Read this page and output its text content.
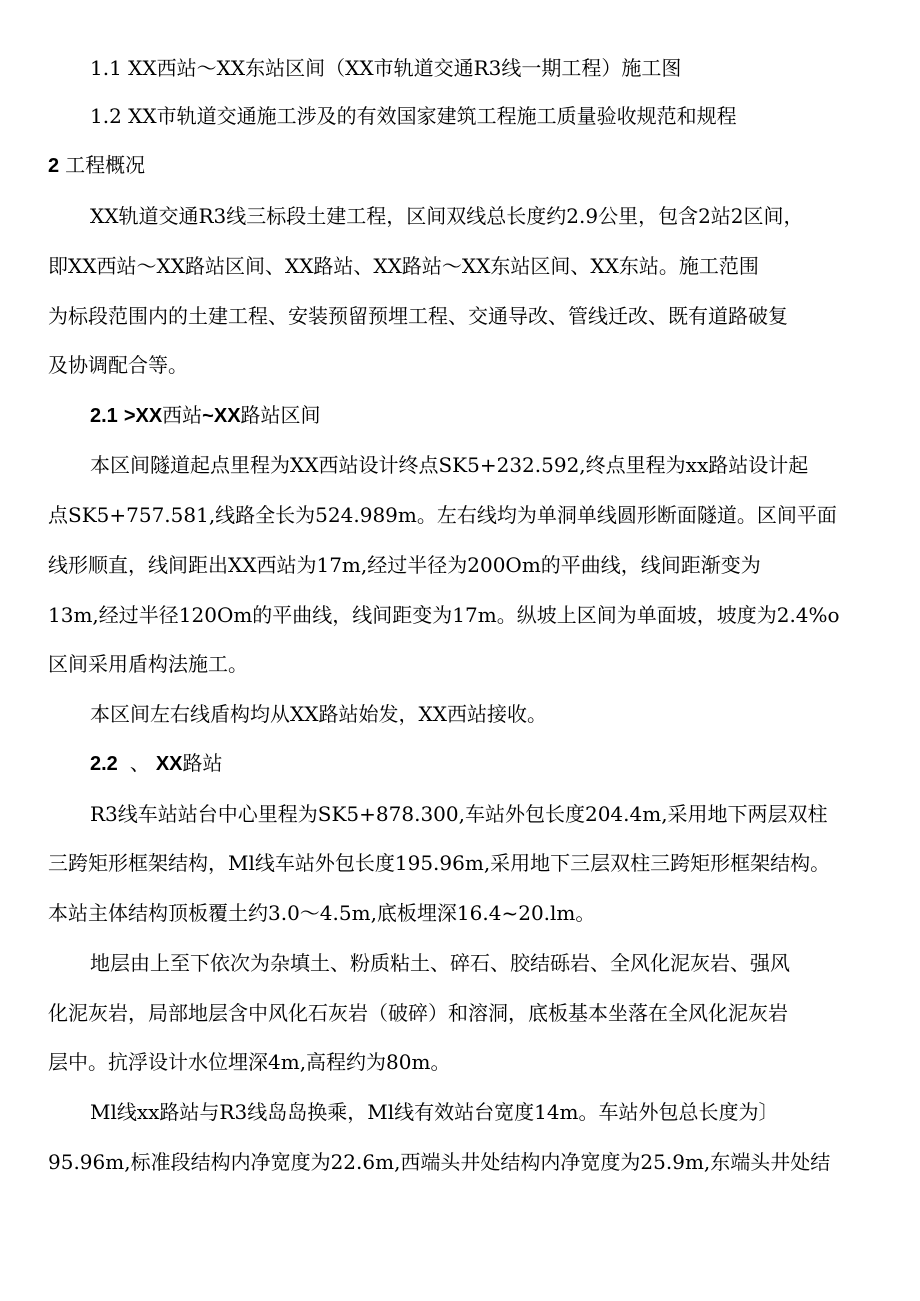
1.1 XX西站～XX东站区间（XX市轨道交通R3线一期工程）施工图
1.2 XX市轨道交通施工涉及的有效国家建筑工程施工质量验收规范和规程
2 工程概况
XX轨道交通R3线三标段土建工程，区间双线总长度约2.9公里，包含2站2区间，
即XX西站～XX路站区间、XX路站、XX路站～XX东站区间、XX东站。施工范围
为标段范围内的土建工程、安装预留预埋工程、交通导改、管线迁改、既有道路破复
及协调配合等。
2.1 >XX西站~XX路站区间
本区间隧道起点里程为XX西站设计终点SK5+232.592,终点里程为xx路站设计起
点SK5+757.581,线路全长为524.989m。左右线均为单洞单线圆形断面隧道。区间平面
线形顺直，线间距出XX西站为17m,经过半径为200Om的平曲线，线间距渐变为
13m,经过半径120Om的平曲线，线间距变为17m。纵坡上区间为单面坡，坡度为2.4%o
区间采用盾构法施工。
本区间左右线盾构均从XX路站始发，XX西站接收。
2.2 、 XX路站
R3线车站站台中心里程为SK5+878.300,车站外包长度204.4m,采用地下两层双柱
三跨矩形框架结构，Ml线车站外包长度195.96m,采用地下三层双柱三跨矩形框架结构。
本站主体结构顶板覆土约3.0～4.5m,底板埋深16.4~20.lm。
地层由上至下依次为杂填土、粉质粘土、碎石、胶结砾岩、全风化泥灰岩、强风
化泥灰岩，局部地层含中风化石灰岩（破碎）和溶洞，底板基本坐落在全风化泥灰岩
层中。抗浮设计水位埋深4m,高程约为80m。
Ml线xx路站与R3线岛岛换乘，Ml线有效站台宽度14m。车站外包总长度为〕
95.96m,标准段结构内净宽度为22.6m,西端头井处结构内净宽度为25.9m,东端头井处结
